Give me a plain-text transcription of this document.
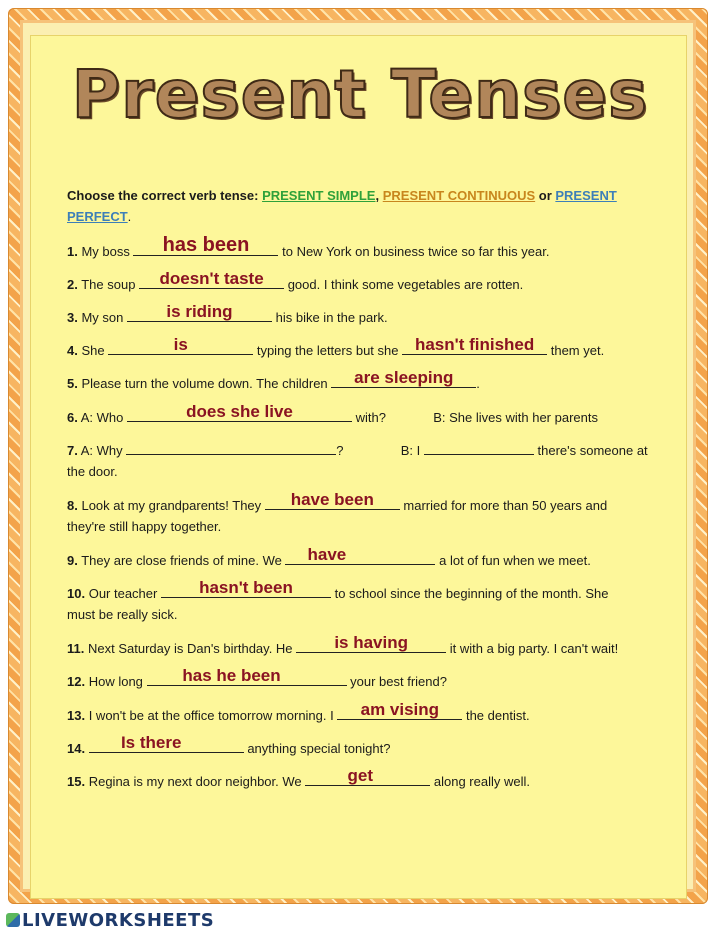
Present Tenses
Choose the correct verb tense: PRESENT SIMPLE, PRESENT CONTINUOUS or PRESENT
PERFECT.
1. My boss	has been	to New York on business twice so far this year.
2. The soup	doesn't taste	good. I think some vegetables are rotten.
3. My son	is riding	his bike in the park.
4. She	is	typing the letters but she hasn't finished	them yet.
5. Please turn the volume down. The children	are sleeping	.
6. A: Who	does she live	with?	B: She lives with her parents
7. A: Why	?	B: I	there's someone at
the door.
8. Look at my grandparents! They	have been	married for more than 50 years and
they're still happy together.
9. They are close friends of mine. We have	a lot of fun when we meet.
10. Our teacher	hasn't been	to school since the beginning of the month. She
must be really sick.
11. Next Saturday is Dan's birthday. He	is having	it with a big party. I can't wait!
12. How long	has he been	your best friend?
13. I won't be at the office tomorrow morning. I	am vising	the dentist.
14.	Is there	anything special tonight?
15. Regina is my next door neighbor. We	get	along really well.
LIVEWORKSHEETS
